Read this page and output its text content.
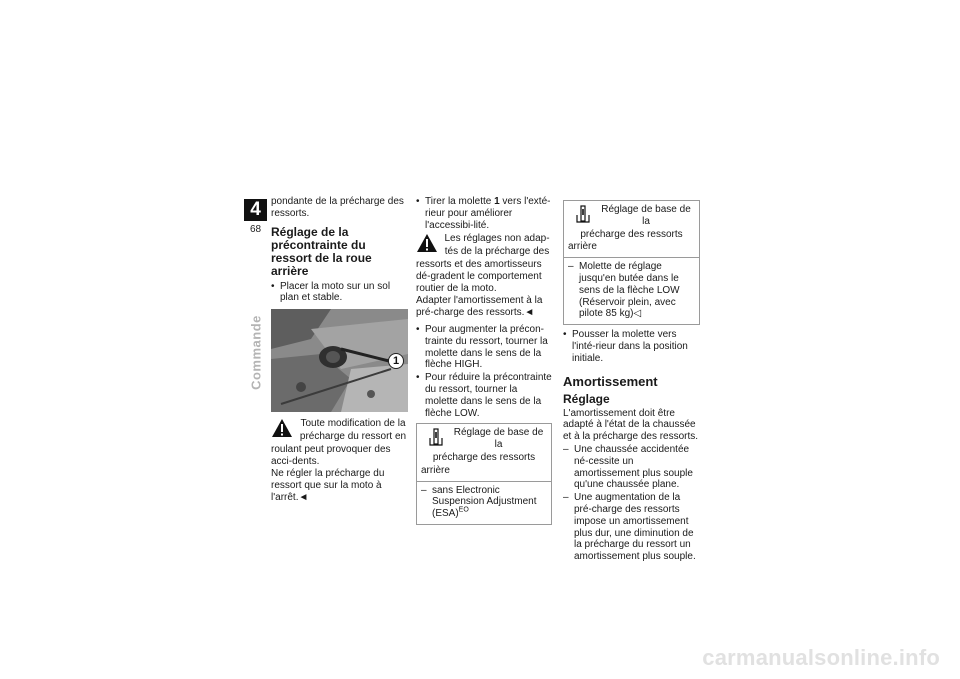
4
68
Commande

pondante de la précharge des ressorts.

Réglage de la précontrainte du ressort de la roue arrière
• Placer la moto sur un sol plan et stable.
1

Toute modification de la

précharge du ressort en

roulant peut provoquer des acci-dents.

Ne régler la précharge du ressort que sur la moto à l'arrêt.◄

• Tirer la molette 1 vers l'exté-rieur pour améliorer l'accessibi-lité.

Les réglages non adap-

tés de la précharge des

ressorts et des amortisseurs dé-gradent le comportement routier de la moto.

Adapter l'amortissement à la pré-charge des ressorts.◄

• Pour augmenter la précon-trainte du ressort, tourner la molette dans le sens de la flèche HIGH.
• Pour réduire la précontrainte du ressort, tourner la molette dans le sens de la flèche LOW.

Réglage de base de la

précharge des ressorts

arrière

– sans Electronic Suspension Adjustment (ESA)$^{EO}$

Réglage de base de la

précharge des ressorts

arrière

– Molette de réglage jusqu'en butée dans le sens de la flèche LOW (Réservoir plein, avec pilote 85 kg)◁
• Pousser la molette vers l'inté-rieur dans la position initiale.
Amortissement
Réglage

L'amortissement doit être adapté à l'état de la chaussée et à la précharge des ressorts.

– Une chaussée accidentée né-cessite un amortissement plus souple qu'une chaussée plane.
– Une augmentation de la pré-charge des ressorts impose un amortissement plus dur, une diminution de la précharge du ressort un amortissement plus souple.
carmanualsonline.info
